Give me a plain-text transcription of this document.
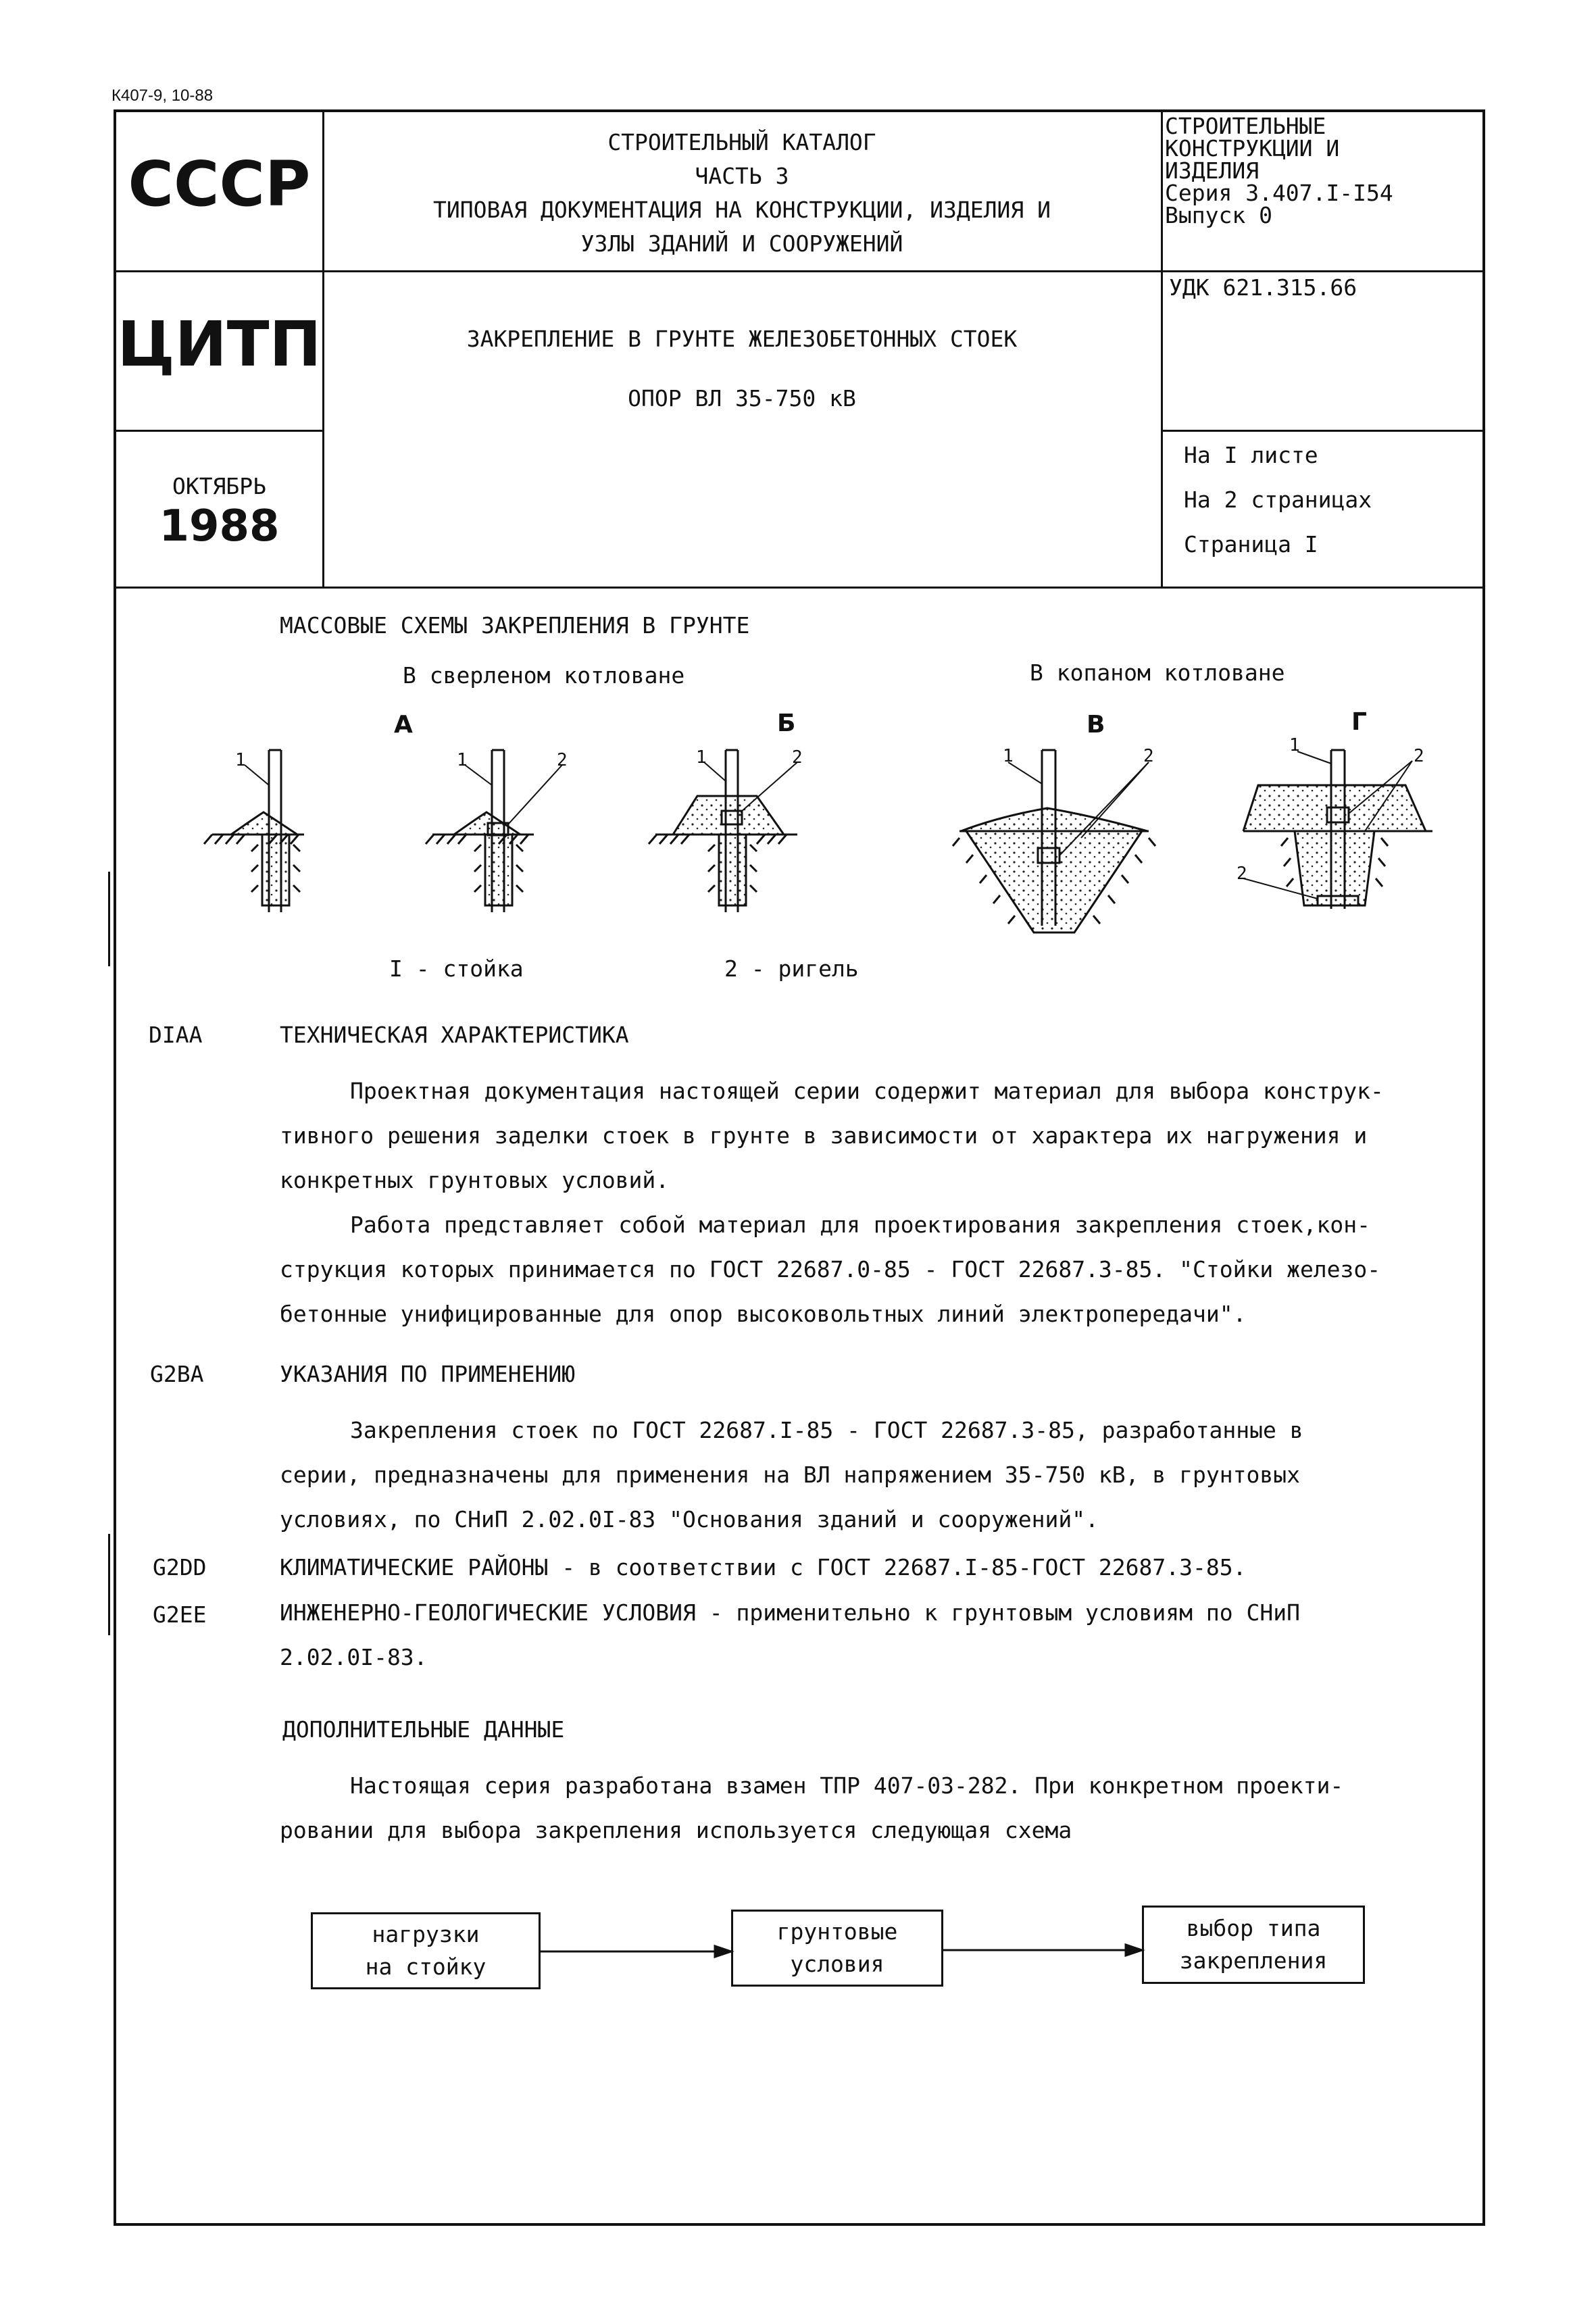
К407-9, 10-88
СССР
ЦИТП
ОКТЯБРЬ
1988
СТРОИТЕЛЬНЫЙ КАТАЛОГ
ЧАСТЬ 3
ТИПОВАЯ ДОКУМЕНТАЦИЯ НА КОНСТРУКЦИИ, ИЗДЕЛИЯ И
УЗЛЫ ЗДАНИЙ И СООРУЖЕНИЙ
ЗАКРЕПЛЕНИЕ В ГРУНТЕ ЖЕЛЕЗОБЕТОННЫХ СТОЕК
ОПОР ВЛ 35-750 кВ
СТРОИТЕЛЬНЫЕ
КОНСТРУКЦИИ И
ИЗДЕЛИЯ
Серия 3.407.I-I54
Выпуск 0
УДК 621.315.66
На I листе
На 2 страницах
Страница I
МАССОВЫЕ СХЕМЫ ЗАКРЕПЛЕНИЯ В ГРУНТЕ
В сверленом котловане	В копаном котловане
А	Б	В	Г
1	1	2	1	2	1	2
1
2
2
I - стойка	2 - ригель
DIAA	ТЕХНИЧЕСКАЯ ХАРАКТЕРИСТИКА
Проектная документация настоящей серии содержит материал для выбора конструк-
тивного решения заделки стоек в грунте в зависимости от характера их нагружения и
конкретных грунтовых условий.
Работа представляет собой материал для проектирования закрепления стоек,кон-
струкция которых принимается по ГОСТ 22687.0-85 - ГОСТ 22687.3-85. "Стойки железо-
бетонные унифицированные для опор высоковольтных линий электропередачи".
G2BA	УКАЗАНИЯ ПО ПРИМЕНЕНИЮ
Закрепления стоек по ГОСТ 22687.I-85 - ГОСТ 22687.3-85, разработанные в
серии, предназначены для применения на ВЛ напряжением 35-750 кВ, в грунтовых
условиях, по СНиП 2.02.0I-83 "Основания зданий и сооружений".
G2DD	КЛИМАТИЧЕСКИЕ РАЙОНЫ - в соответствии с ГОСТ 22687.I-85-ГОСТ 22687.3-85.
G2EE	ИНЖЕНЕРНО-ГЕОЛОГИЧЕСКИЕ УСЛОВИЯ - применительно к грунтовым условиям по СНиП
2.02.0I-83.
ДОПОЛНИТЕЛЬНЫЕ ДАННЫЕ
Настоящая серия разработана взамен ТПР 407-03-282. При конкретном проекти-
ровании для выбора закрепления используется следующая схема
нагрузки
на стойку
грунтовые
условия
выбор типа
закрепления
